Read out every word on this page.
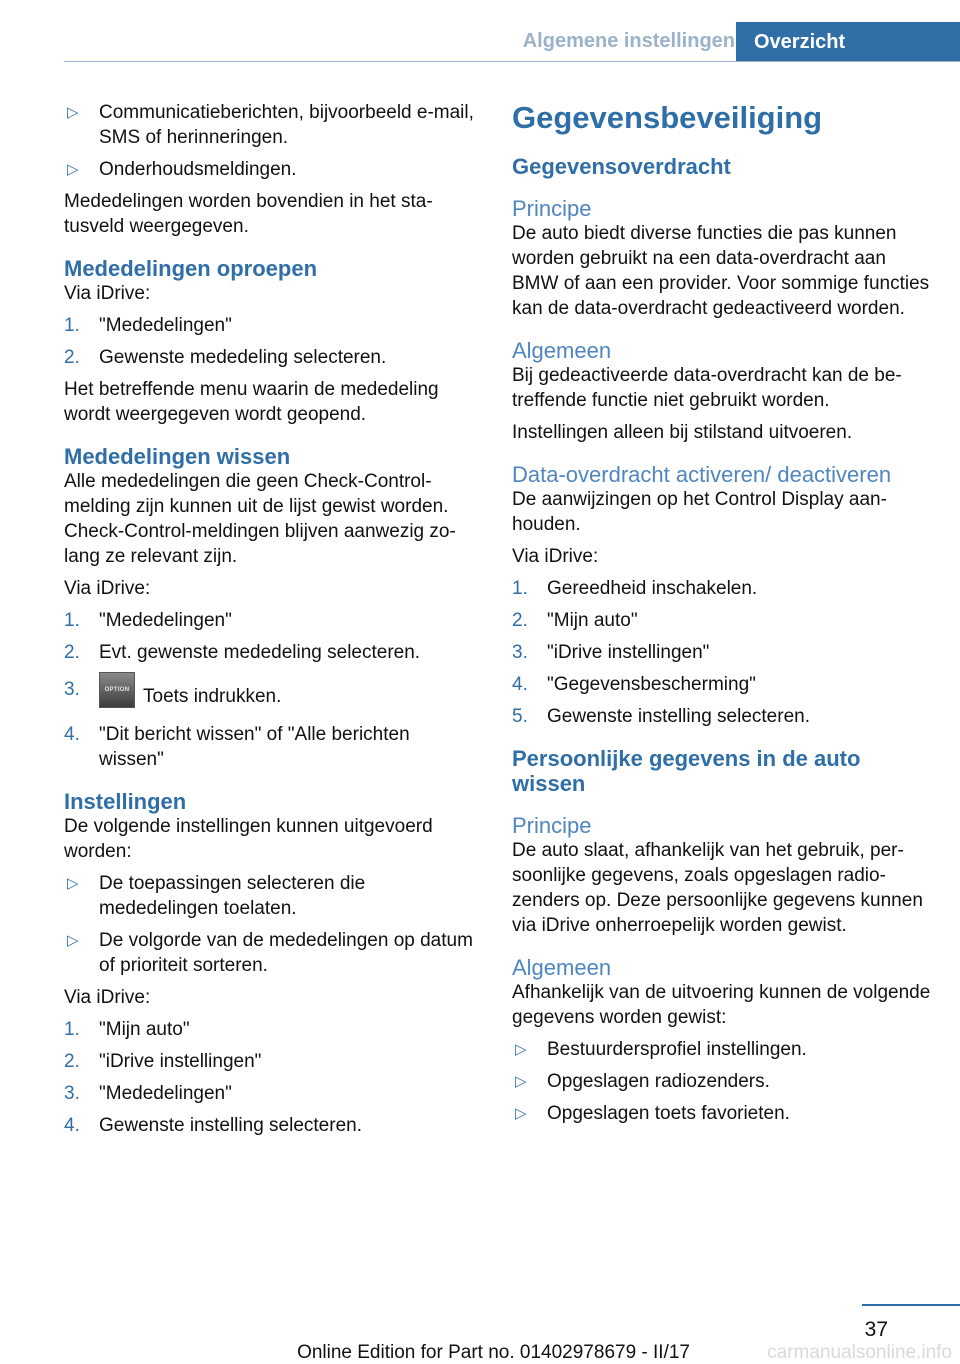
Algemene instellingen Overzicht
▷ Communicatieberichten, bijvoorbeeld e-mail, SMS of herinneringen.
▷ Onderhoudsmeldingen.

Mededelingen worden bovendien in het statusveld weergegeven.

Mededelingen oproepen

Via iDrive:

1. "Mededelingen"
2. Gewenste mededeling selecteren.

Het betreffende menu waarin de mededeling wordt weergegeven wordt geopend.

Mededelingen wissen

Alle mededelingen die geen Check-Control-melding zijn kunnen uit de lijst gewist worden. Check-Control-meldingen blijven aanwezig zolang ze relevant zijn.

Via iDrive:

1. "Mededelingen"
2. Evt. gewenste mededeling selecteren.
3.	OPTION Toets indrukken.
4. "Dit bericht wissen" of "Alle berichten wissen"
Instellingen

De volgende instellingen kunnen uitgevoerd worden:

▷ De toepassingen selecteren die mededelingen toelaten.
▷ De volgorde van de mededelingen op datum of prioriteit sorteren.

Via iDrive:

1. "Mijn auto"
2. "iDrive instellingen"
3. "Mededelingen"
4. Gewenste instelling selecteren.
Gegevensbeveiliging
Gegevensoverdracht
Principe

De auto biedt diverse functies die pas kunnen worden gebruikt na een data-overdracht aan BMW of aan een provider. Voor sommige functies kan de data-overdracht gedeactiveerd worden.

Algemeen

Bij gedeactiveerde data-overdracht kan de betreffende functie niet gebruikt worden.

Instellingen alleen bij stilstand uitvoeren.

Data-overdracht activeren/ deactiveren

De aanwijzingen op het Control Display aanhouden.

Via iDrive:

1. Gereedheid inschakelen.
2. "Mijn auto"
3. "iDrive instellingen"
4. "Gegevensbescherming"
5. Gewenste instelling selecteren.
Persoonlijke gegevens in de auto wissen
Principe

De auto slaat, afhankelijk van het gebruik, persoonlijke gegevens, zoals opgeslagen radiozenders op. Deze persoonlijke gegevens kunnen via iDrive onherroepelijk worden gewist.

Algemeen

Afhankelijk van de uitvoering kunnen de volgende gegevens worden gewist:

▷ Bestuurdersprofiel instellingen.
▷ Opgeslagen radiozenders.
▷ Opgeslagen toets favorieten.
37
carmanualsonline.info
Online Edition for Part no. 01402978679 - II/17
